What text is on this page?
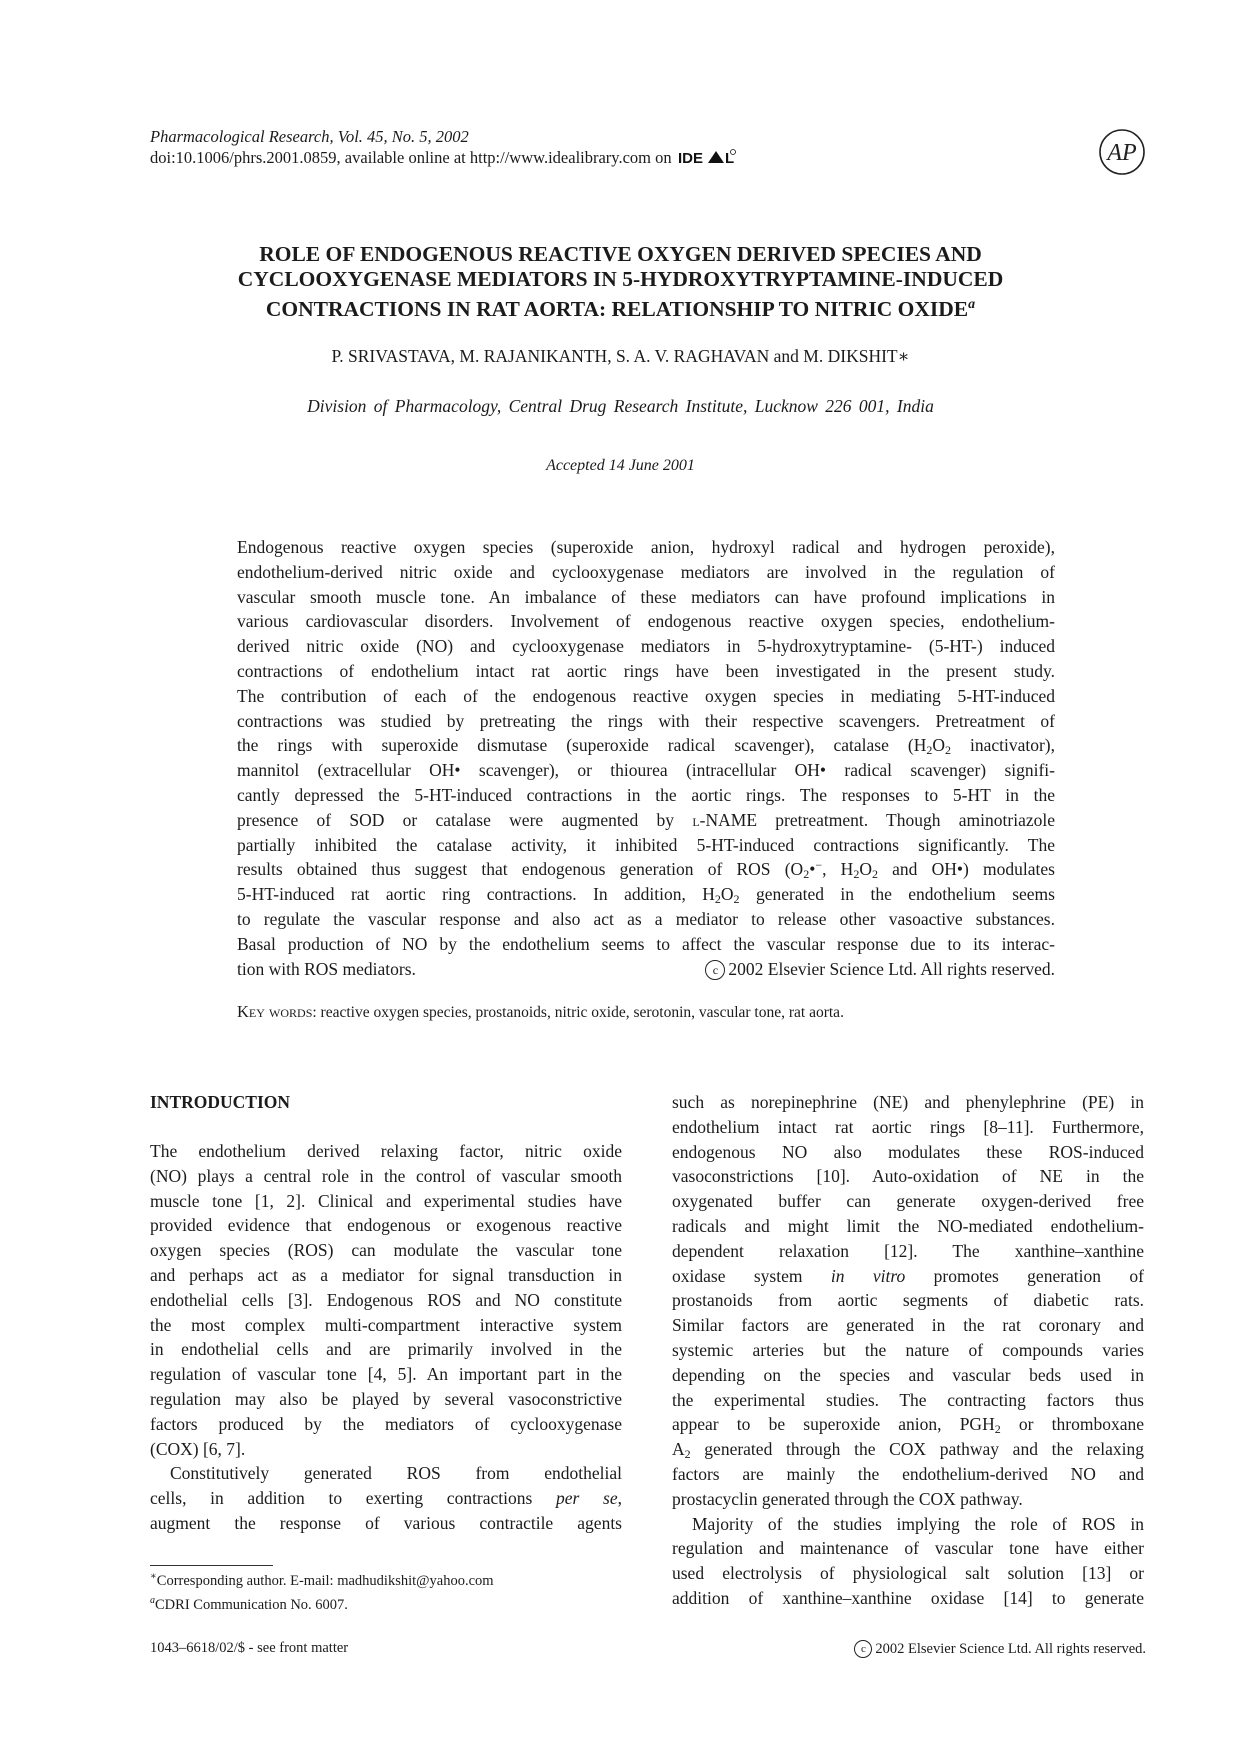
Pharmacological Research, Vol. 45, No. 5, 2002
doi:10.1006/phrs.2001.0859, available online at http://www.idealibrary.com on IDE L	AP
ROLE OF ENDOGENOUS REACTIVE OXYGEN DERIVED SPECIES AND
CYCLOOXYGENASE MEDIATORS IN 5-HYDROXYTRYPTAMINE-INDUCED
CONTRACTIONS IN RAT AORTA: RELATIONSHIP TO NITRIC OXIDE$^a$
P. SRIVASTAVA, M. RAJANIKANTH, S. A. V. RAGHAVAN and M. DIKSHIT∗
Division of Pharmacology, Central Drug Research Institute, Lucknow 226 001, India
Accepted 14 June 2001
Endogenous reactive oxygen species (superoxide anion, hydroxyl radical and hydrogen peroxide),
endothelium-derived nitric oxide and cyclooxygenase mediators are involved in the regulation of
vascular smooth muscle tone. An imbalance of these mediators can have profound implications in
various cardiovascular disorders. Involvement of endogenous reactive oxygen species, endothelium-
derived nitric oxide (NO) and cyclooxygenase mediators in 5-hydroxytryptamine- (5-HT-) induced
contractions of endothelium intact rat aortic rings have been investigated in the present study.
The contribution of each of the endogenous reactive oxygen species in mediating 5-HT-induced
contractions was studied by pretreating the rings with their respective scavengers. Pretreatment of
the rings with superoxide dismutase (superoxide radical scavenger), catalase ($H_2O_2$ inactivator),
mannitol (extracellular OH• scavenger), or thiourea (intracellular OH• radical scavenger) signifi-
cantly depressed the 5-HT-induced contractions in the aortic rings. The responses to 5-HT in the
presence of SOD or catalase were augmented by l-NAME pretreatment. Though aminotriazole
partially inhibited the catalase activity, it inhibited 5-HT-induced contractions significantly. The
results obtained thus suggest that endogenous generation of ROS ($O_2•^-$, $H_2O_2$ and OH•) modulates
5-HT-induced rat aortic ring contractions. In addition, $H_2O_2$ generated in the endothelium seems
to regulate the vascular response and also act as a mediator to release other vasoactive substances.
Basal production of NO by the endothelium seems to affect the vascular response due to its interac-
tion with ROS mediators.	c 2002 Elsevier Science Ltd. All rights reserved.
Key words: reactive oxygen species, prostanoids, nitric oxide, serotonin, vascular tone, rat aorta.
INTRODUCTION
The endothelium derived relaxing factor, nitric oxide
(NO) plays a central role in the control of vascular smooth
muscle tone [1, 2]. Clinical and experimental studies have
provided evidence that endogenous or exogenous reactive
oxygen species (ROS) can modulate the vascular tone
and perhaps act as a mediator for signal transduction in
endothelial cells [3]. Endogenous ROS and NO constitute
the most complex multi-compartment interactive system
in endothelial cells and are primarily involved in the
regulation of vascular tone [4, 5]. An important part in the
regulation may also be played by several vasoconstrictive
factors produced by the mediators of cyclooxygenase
(COX) [6, 7].
Constitutively generated ROS from endothelial
cells, in addition to exerting contractions per se,
augment the response of various contractile agents
such as norepinephrine (NE) and phenylephrine (PE) in
endothelium intact rat aortic rings [8–11]. Furthermore,
endogenous NO also modulates these ROS-induced
vasoconstrictions [10]. Auto-oxidation of NE in the
oxygenated buffer can generate oxygen-derived free
radicals and might limit the NO-mediated endothelium-
dependent relaxation [12]. The xanthine–xanthine
oxidase system in vitro promotes generation of
prostanoids from aortic segments of diabetic rats.
Similar factors are generated in the rat coronary and
systemic arteries but the nature of compounds varies
depending on the species and vascular beds used in
the experimental studies. The contracting factors thus
appear to be superoxide anion, $PGH_2$ or thromboxane
$A_2$ generated through the COX pathway and the relaxing
factors are mainly the endothelium-derived NO and
prostacyclin generated through the COX pathway.
Majority of the studies implying the role of ROS in
regulation and maintenance of vascular tone have either
used electrolysis of physiological salt solution [13] or
addition of xanthine–xanthine oxidase [14] to generate
∗Corresponding author. E-mail: madhudikshit@yahoo.com
$^a$CDRI Communication No. 6007.
1043–6618/02/$ - see front matter	c 2002 Elsevier Science Ltd. All rights reserved.
